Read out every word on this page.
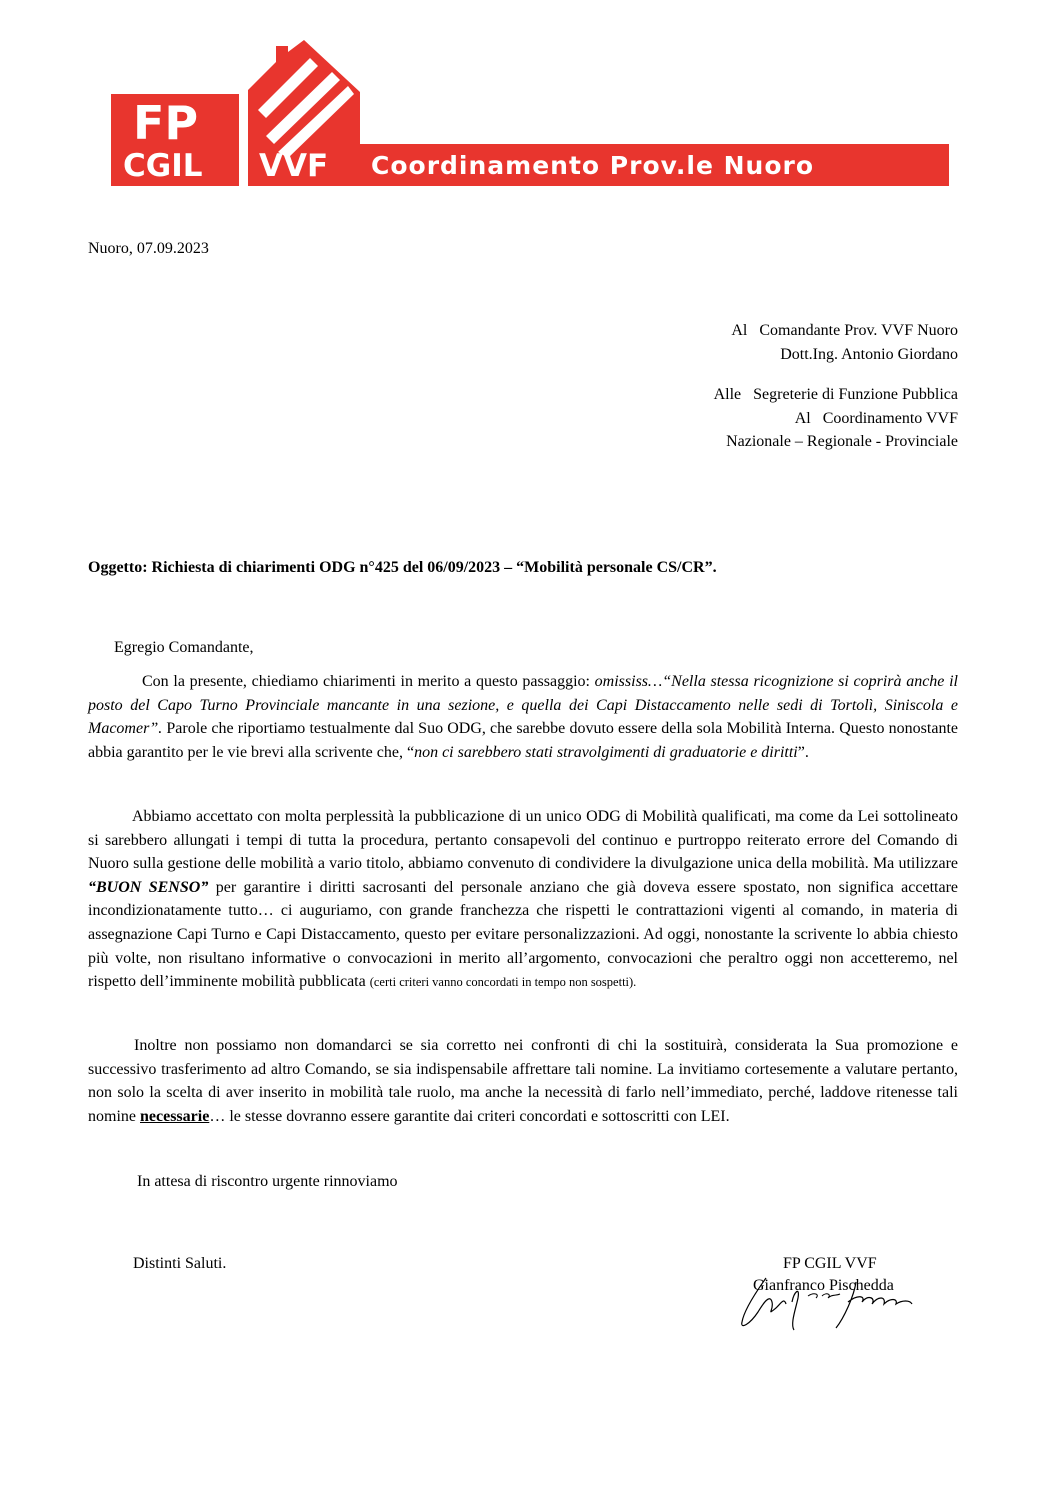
FP
CGIL VVF Coordinamento Prov.le Nuoro
Nuoro, 07.09.2023
Al   Comandante Prov. VVF Nuoro
Dott.Ing. Antonio Giordano
Alle   Segreterie di Funzione Pubblica
Al   Coordinamento VVF
Nazionale – Regionale - Provinciale
Oggetto: Richiesta di chiarimenti ODG n°425 del 06/09/2023 – “Mobilità personale CS/CR”.
Egregio Comandante,
Con la presente, chiediamo chiarimenti in merito a questo passaggio: omississ…“Nella stessa ricognizione si coprirà anche il posto del Capo Turno Provinciale mancante in una sezione, e quella dei Capi Distaccamento nelle sedi di Tortolì, Siniscola e Macomer”. Parole che riportiamo testualmente dal Suo ODG, che sarebbe dovuto essere della sola Mobilità Interna. Questo nonostante abbia garantito per le vie brevi alla scrivente che, “non ci sarebbero stati stravolgimenti di graduatorie e diritti”.
Abbiamo accettato con molta perplessità la pubblicazione di un unico ODG di Mobilità qualificati, ma come da Lei sottolineato si sarebbero allungati i tempi di tutta la procedura, pertanto consapevoli del continuo e purtroppo reiterato errore del Comando di Nuoro sulla gestione delle mobilità a vario titolo, abbiamo convenuto di condividere la divulgazione unica della mobilità. Ma utilizzare “BUON SENSO” per garantire i diritti sacrosanti del personale anziano che già doveva essere spostato, non significa accettare incondizionatamente tutto… ci auguriamo, con grande franchezza che rispetti le contrattazioni vigenti al comando, in materia di assegnazione Capi Turno e Capi Distaccamento, questo per evitare personalizzazioni. Ad oggi, nonostante la scrivente lo abbia chiesto più volte, non risultano informative o convocazioni in merito all’argomento, convocazioni che peraltro oggi non accetteremo, nel rispetto dell’imminente mobilità pubblicata (certi criteri vanno concordati in tempo non sospetti).
Inoltre non possiamo non domandarci se sia corretto nei confronti di chi la sostituirà, considerata la Sua promozione e successivo trasferimento ad altro Comando, se sia indispensabile affrettare tali nomine. La invitiamo cortesemente a valutare pertanto, non solo la scelta di aver inserito in mobilità tale ruolo, ma anche la necessità di farlo nell’immediato, perché, laddove ritenesse tali nomine necessarie… le stesse dovranno essere garantite dai criteri concordati e sottoscritti con LEI.
In attesa di riscontro urgente rinnoviamo
Distinti Saluti.	FP CGIL VVF
Gianfranco Pischedda
